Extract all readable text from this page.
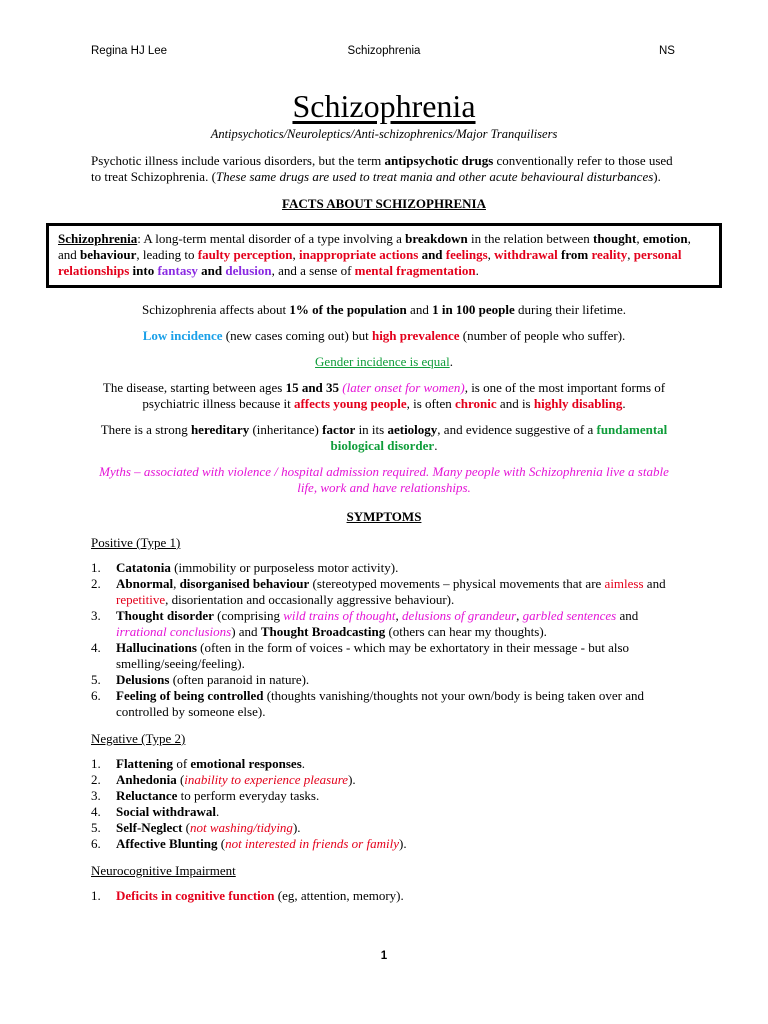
Regina HJ Lee	Schizophrenia	NS
Schizophrenia
Antipsychotics/Neuroleptics/Anti-schizophrenics/Major Tranquilisers

Psychotic illness include various disorders, but the term antipsychotic drugs conventionally refer to those used to treat Schizophrenia. (These same drugs are used to treat mania and other acute behavioural disturbances).

FACTS ABOUT SCHIZOPHRENIA
Schizophrenia: A long-term mental disorder of a type involving a breakdown in the relation between thought, emotion, and behaviour, leading to faulty perception, inappropriate actions and feelings, withdrawal from reality, personal relationships into fantasy and delusion, and a sense of mental fragmentation.

Schizophrenia affects about 1% of the population and 1 in 100 people during their lifetime.

Low incidence (new cases coming out) but high prevalence (number of people who suffer).

Gender incidence is equal.

The disease, starting between ages 15 and 35 (later onset for women), is one of the most important forms of psychiatric illness because it affects young people, is often chronic and is highly disabling.

There is a strong hereditary (inheritance) factor in its aetiology, and evidence suggestive of a fundamental biological disorder.

Myths – associated with violence / hospital admission required. Many people with Schizophrenia live a stable life, work and have relationships.

SYMPTOMS
Positive (Type 1)
1.	Catatonia (immobility or purposeless motor activity).
2.	Abnormal, disorganised behaviour (stereotyped movements – physical movements that are aimless and repetitive, disorientation and occasionally aggressive behaviour).
3.	Thought disorder (comprising wild trains of thought, delusions of grandeur, garbled sentences and irrational conclusions) and Thought Broadcasting (others can hear my thoughts).
4.	Hallucinations (often in the form of voices - which may be exhortatory in their message - but also smelling/seeing/feeling).
5.	Delusions (often paranoid in nature).
6.	Feeling of being controlled (thoughts vanishing/thoughts not your own/body is being taken over and controlled by someone else).
Negative (Type 2)
1.	Flattening of emotional responses.
2.	Anhedonia (inability to experience pleasure).
3.	Reluctance to perform everyday tasks.
4.	Social withdrawal.
5.	Self-Neglect (not washing/tidying).
6.	Affective Blunting (not interested in friends or family).
Neurocognitive Impairment
1.	Deficits in cognitive function (eg, attention, memory).
1
